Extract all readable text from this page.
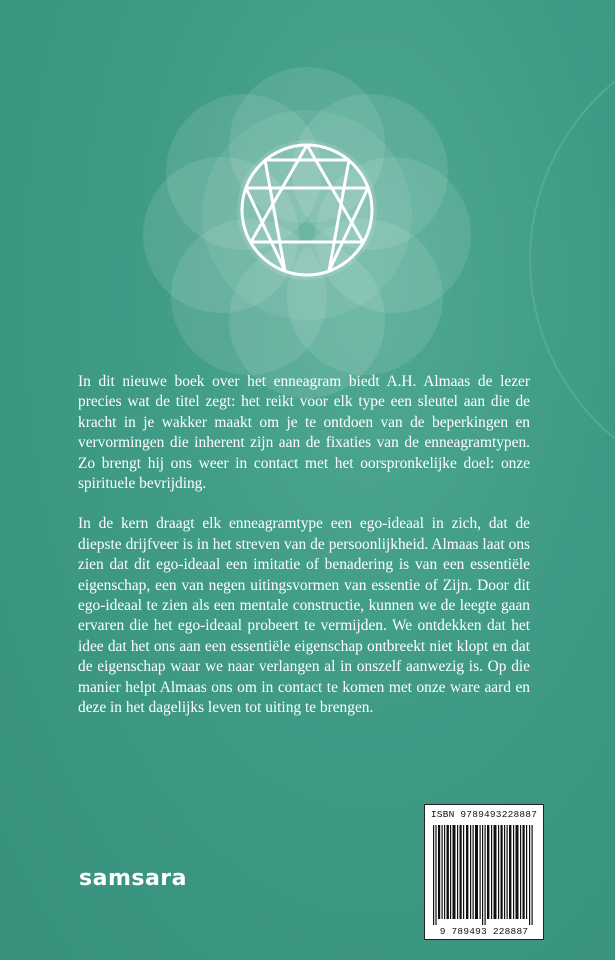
In dit nieuwe boek over het enneagram biedt A.H. Almaas de lezer precies wat de titel zegt: het reikt voor elk type een sleutel aan die de kracht in je wakker maakt om je te ontdoen van de beperkingen en vervormingen die inherent zijn aan de fixaties van de enneagramtypen. Zo brengt hij ons weer in contact met het oorspronkelijke doel: onze spirituele bevrijding.

In de kern draagt elk enneagramtype een ego-ideaal in zich, dat de diepste drijfveer is in het streven van de persoonlijkheid. Almaas laat ons zien dat dit ego-ideaal een imitatie of benadering is van een essentiële eigenschap, een van negen uitingsvormen van essentie of Zijn. Door dit ego-ideaal te zien als een mentale constructie, kunnen we de leegte gaan ervaren die het ego-ideaal probeert te vermijden. We ontdekken dat het idee dat het ons aan een essentiële eigenschap ontbreekt niet klopt en dat de eigenschap waar we naar verlangen al in onszelf aanwezig is. Op die manier helpt Almaas ons om in contact te komen met onze ware aard en deze in het dagelijks leven tot uiting te brengen.

samsara
ISBN 9789493228887
9 789493 228887
